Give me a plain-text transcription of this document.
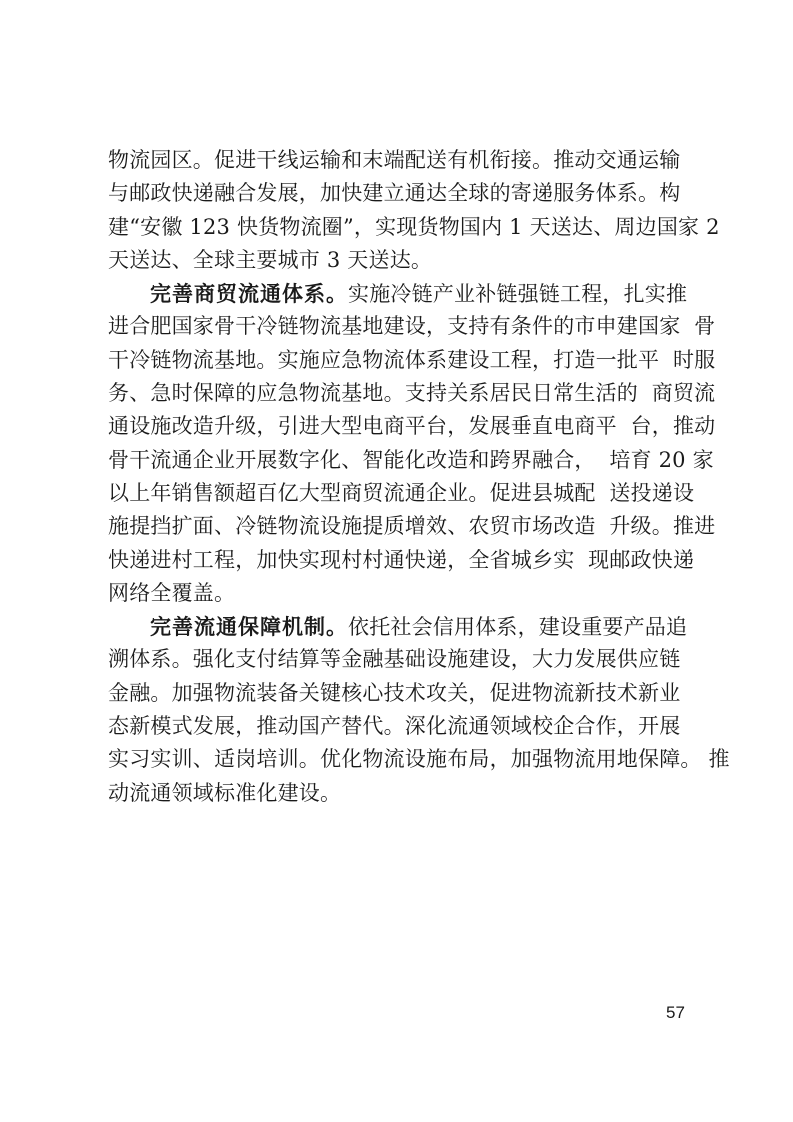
物流园区。促进干线运输和末端配送有机衔接。推动交通运输
与邮政快递融合发展，加快建立通达全球的寄递服务体系。构
建“安徽 123 快货物流圈”，实现货物国内 1 天送达、周边国家 2
天送达、全球主要城市 3 天送达。
完善商贸流通体系。实施冷链产业补链强链工程，扎实推
进合肥国家骨干冷链物流基地建设，支持有条件的市申建国家  骨
干冷链物流基地。实施应急物流体系建设工程，打造一批平  时服
务、急时保障的应急物流基地。支持关系居民日常生活的  商贸流
通设施改造升级，引进大型电商平台，发展垂直电商平  台，推动
骨干流通企业开展数字化、智能化改造和跨界融合，  培育 20 家
以上年销售额超百亿大型商贸流通企业。促进县城配  送投递设
施提挡扩面、冷链物流设施提质增效、农贸市场改造  升级。推进
快递进村工程，加快实现村村通快递，全省城乡实  现邮政快递
网络全覆盖。
完善流通保障机制。依托社会信用体系，建设重要产品追
溯体系。强化支付结算等金融基础设施建设，大力发展供应链
金融。加强物流装备关键核心技术攻关，促进物流新技术新业
态新模式发展，推动国产替代。深化流通领域校企合作，开展
实习实训、适岗培训。优化物流设施布局，加强物流用地保障。 推
动流通领域标准化建设。
57
